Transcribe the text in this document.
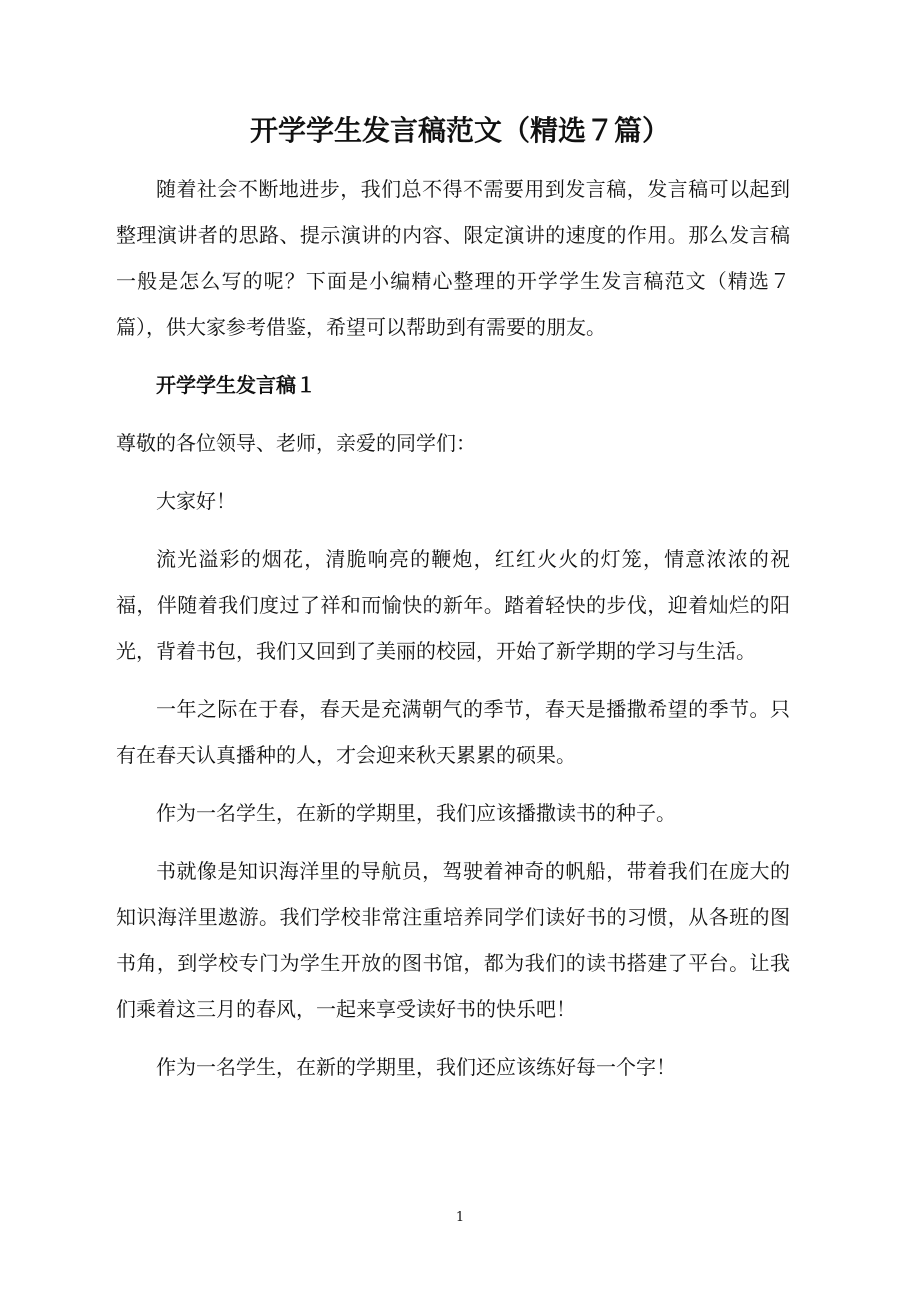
开学学生发言稿范文（精选７篇）

随着社会不断地进步，我们总不得不需要用到发言稿，发言稿可以起到整理演讲者的思路、提示演讲的内容、限定演讲的速度的作用。那么发言稿一般是怎么写的呢？下面是小编精心整理的开学学生发言稿范文（精选７篇），供大家参考借鉴，希望可以帮助到有需要的朋友。

开学学生发言稿１

尊敬的各位领导、老师，亲爱的同学们：

大家好！

流光溢彩的烟花，清脆响亮的鞭炮，红红火火的灯笼，情意浓浓的祝福，伴随着我们度过了祥和而愉快的新年。踏着轻快的步伐，迎着灿烂的阳光，背着书包，我们又回到了美丽的校园，开始了新学期的学习与生活。

一年之际在于春，春天是充满朝气的季节，春天是播撒希望的季节。只有在春天认真播种的人，才会迎来秋天累累的硕果。

作为一名学生，在新的学期里，我们应该播撒读书的种子。

书就像是知识海洋里的导航员，驾驶着神奇的帆船，带着我们在庞大的知识海洋里遨游。我们学校非常注重培养同学们读好书的习惯，从各班的图书角，到学校专门为学生开放的图书馆，都为我们的读书搭建了平台。让我们乘着这三月的春风，一起来享受读好书的快乐吧！

作为一名学生，在新的学期里，我们还应该练好每一个字！

1
